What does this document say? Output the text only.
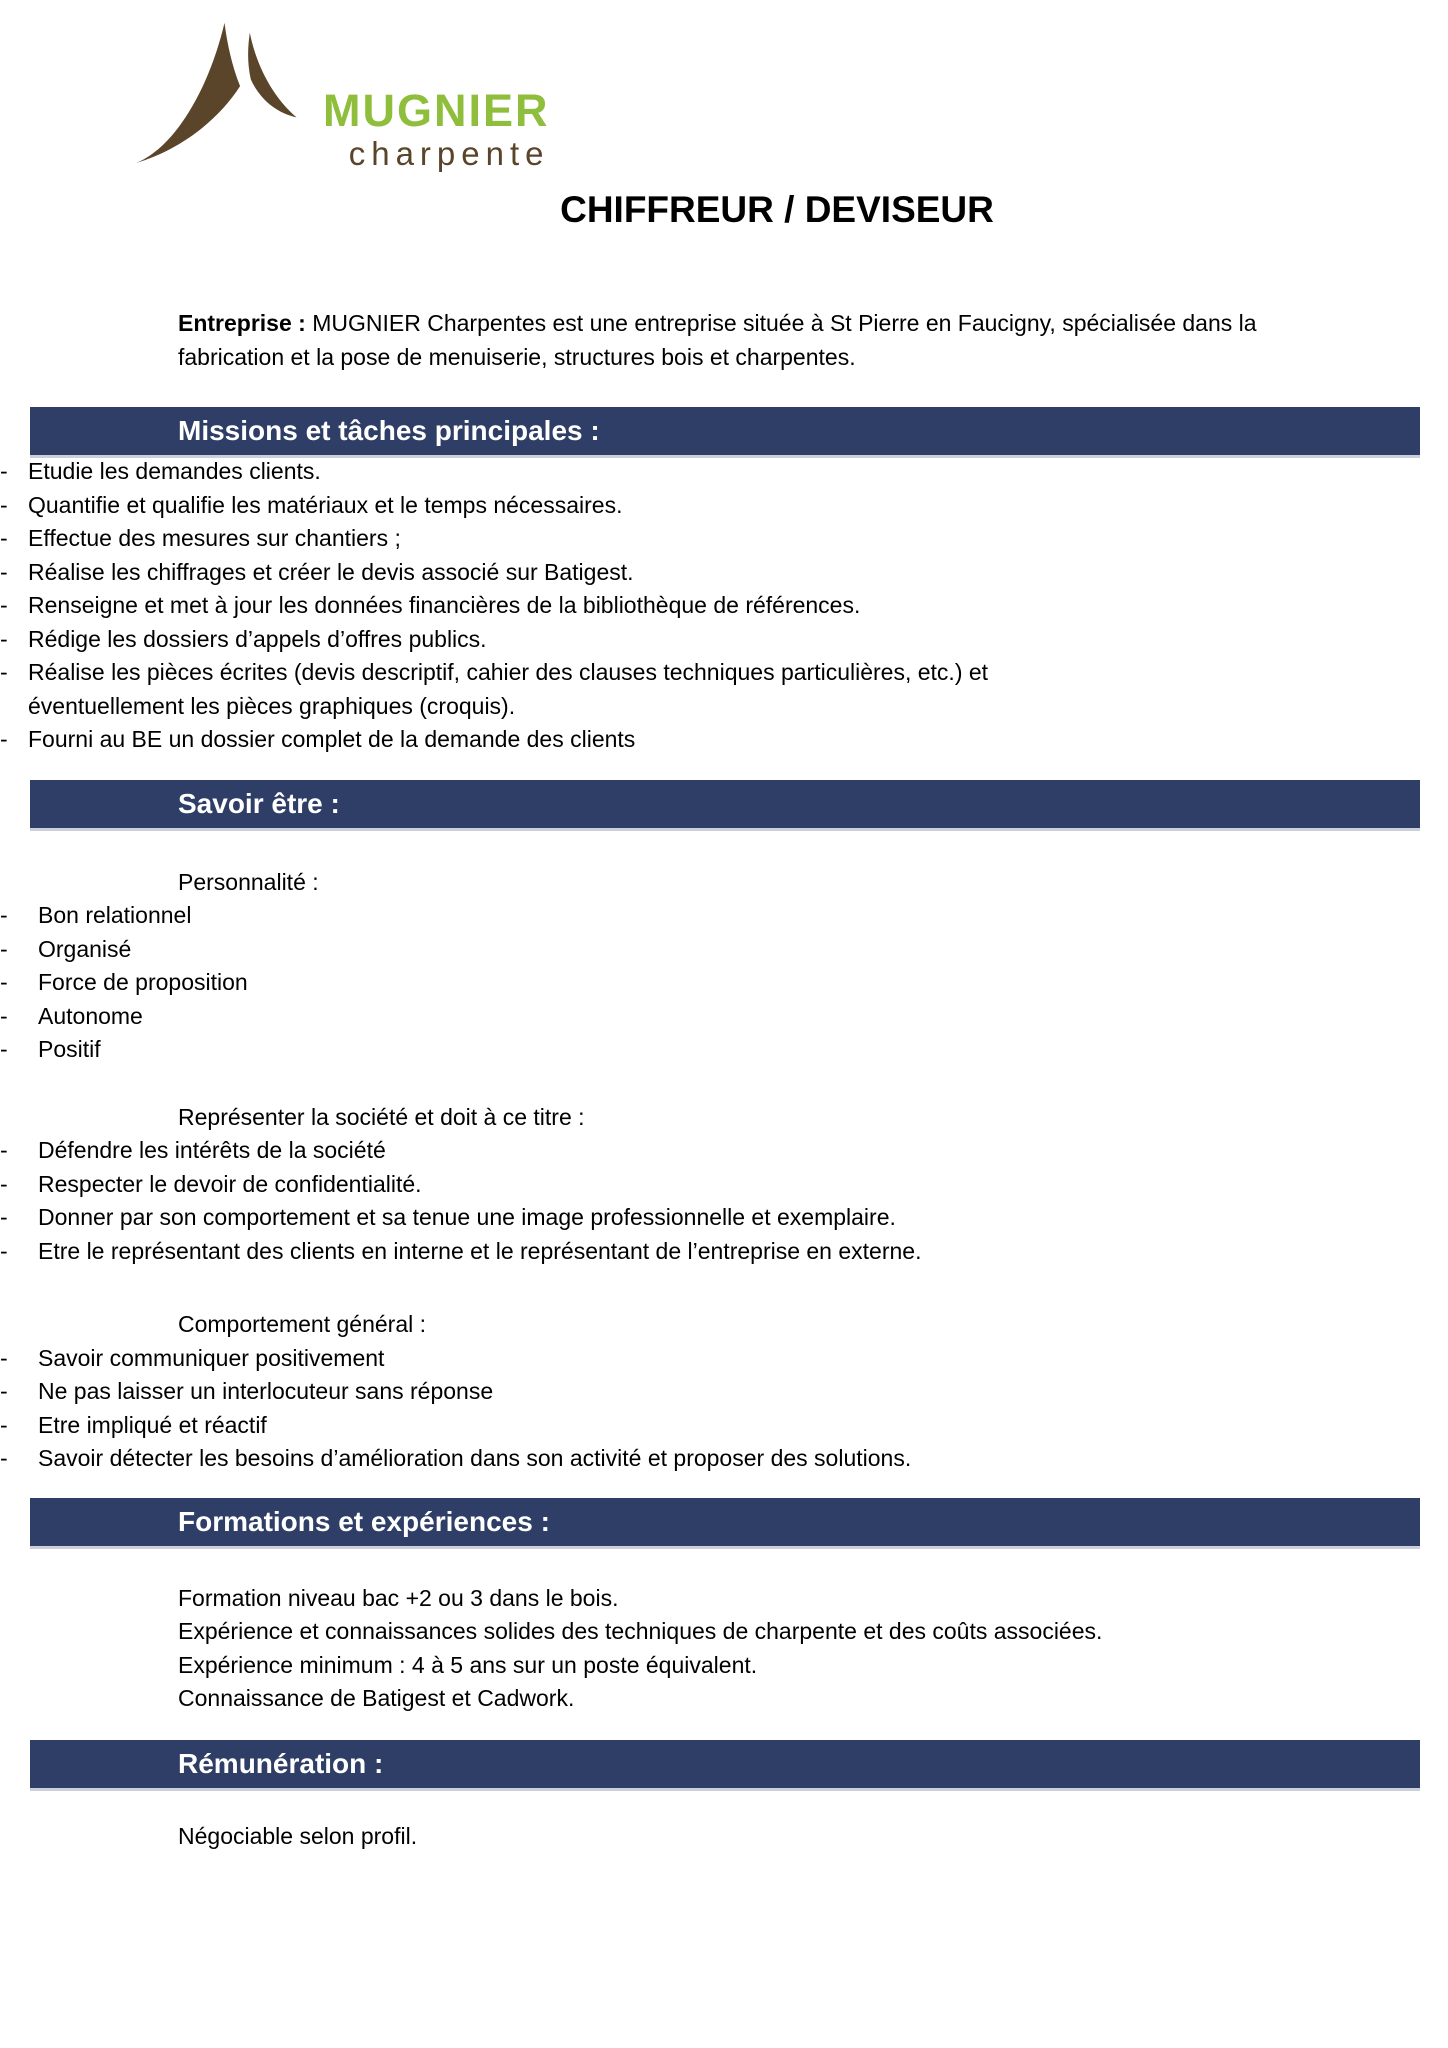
MUGNIER
charpente
CHIFFREUR / DEVISEUR

Entreprise : MUGNIER Charpentes est une entreprise située à St Pierre en Faucigny, spécialisée dans la fabrication et la pose de menuiserie, structures bois et charpentes.

Missions et tâches principales :
- Etudie les demandes clients.
- Quantifie et qualifie les matériaux et le temps nécessaires.
- Effectue des mesures sur chantiers ;
- Réalise les chiffrages et créer le devis associé sur Batigest.
- Renseigne et met à jour les données financières de la bibliothèque de références.
- Rédige les dossiers d’appels d’offres publics.
- Réalise les pièces écrites (devis descriptif, cahier des clauses techniques particulières, etc.) et éventuellement les pièces graphiques (croquis).
- Fourni au BE un dossier complet de la demande des clients
Savoir être :
Personnalité :
-	Bon relationnel
-	Organisé
-	Force de proposition
-	Autonome
-	Positif
Représenter la société et doit à ce titre :
-	Défendre les intérêts de la société
-	Respecter le devoir de confidentialité.
-	Donner par son comportement et sa tenue une image professionnelle et exemplaire.
-	Etre le représentant des clients en interne et le représentant de l’entreprise en externe.
Comportement général :
-	Savoir communiquer positivement
-	Ne pas laisser un interlocuteur sans réponse
-	Etre impliqué et réactif
-	Savoir détecter les besoins d’amélioration dans son activité et proposer des solutions.
Formations et expériences :
Formation niveau bac +2 ou 3 dans le bois.
Expérience et connaissances solides des techniques de charpente et des coûts associées.
Expérience minimum : 4 à 5 ans sur un poste équivalent.
Connaissance de Batigest et Cadwork.
Rémunération :
Négociable selon profil.
